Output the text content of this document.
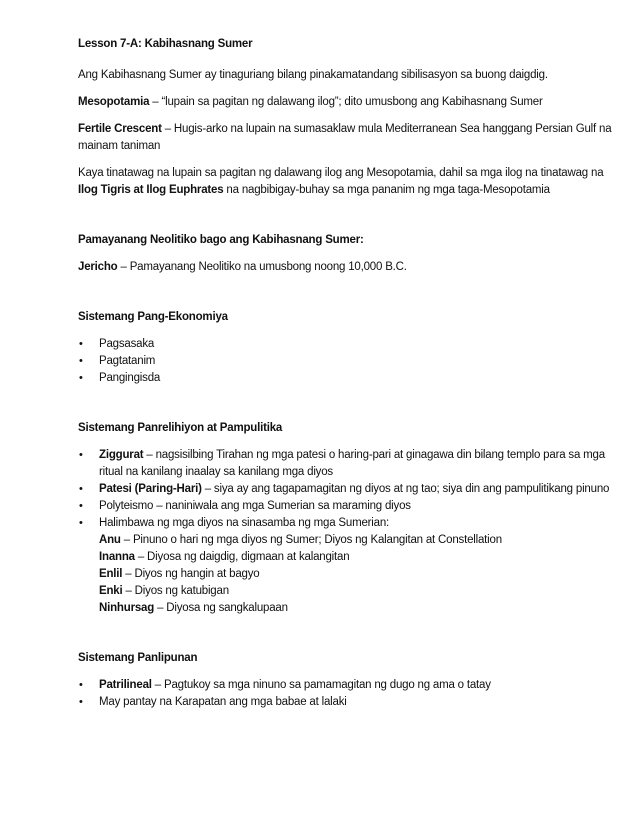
Lesson 7-A: Kabihasnang Sumer

Ang Kabihasnang Sumer ay tinaguriang bilang pinakamatandang sibilisasyon sa buong daigdig.

Mesopotamia – “lupain sa pagitan ng dalawang ilog”; dito umusbong ang Kabihasnang Sumer

Fertile Crescent – Hugis-arko na lupain na sumasaklaw mula Mediterranean Sea hanggang Persian Gulf na mainam taniman

Kaya tinatawag na lupain sa pagitan ng dalawang ilog ang Mesopotamia, dahil sa mga ilog na tinatawag na Ilog Tigris at Ilog Euphrates na nagbibigay-buhay sa mga pananim ng mga taga-Mesopotamia

Pamayanang Neolitiko bago ang Kabihasnang Sumer:

Jericho – Pamayanang Neolitiko na umusbong noong 10,000 B.C.

Sistemang Pang-Ekonomiya

• Pagsasaka
• Pagtatanim
• Pangingisda

Sistemang Panrelihiyon at Pampulitika

• Ziggurat – nagsisilbing Tirahan ng mga patesi o haring-pari at ginagawa din bilang templo para sa mga ritual na kanilang inaalay sa kanilang mga diyos
• Patesi (Paring-Hari) – siya ay ang tagapamagitan ng diyos at ng tao; siya din ang pampulitikang pinuno
• Polyteismo – naniniwala ang mga Sumerian sa maraming diyos
• Halimbawa ng mga diyos na sinasamba ng mga Sumerian:
Anu – Pinuno o hari ng mga diyos ng Sumer; Diyos ng Kalangitan at Constellation
Inanna – Diyosa ng daigdig, digmaan at kalangitan
Enlil – Diyos ng hangin at bagyo
Enki – Diyos ng katubigan
Ninhursag – Diyosa ng sangkalupaan

Sistemang Panlipunan

• Patrilineal – Pagtukoy sa mga ninuno sa pamamagitan ng dugo ng ama o tatay
• May pantay na Karapatan ang mga babae at lalaki
